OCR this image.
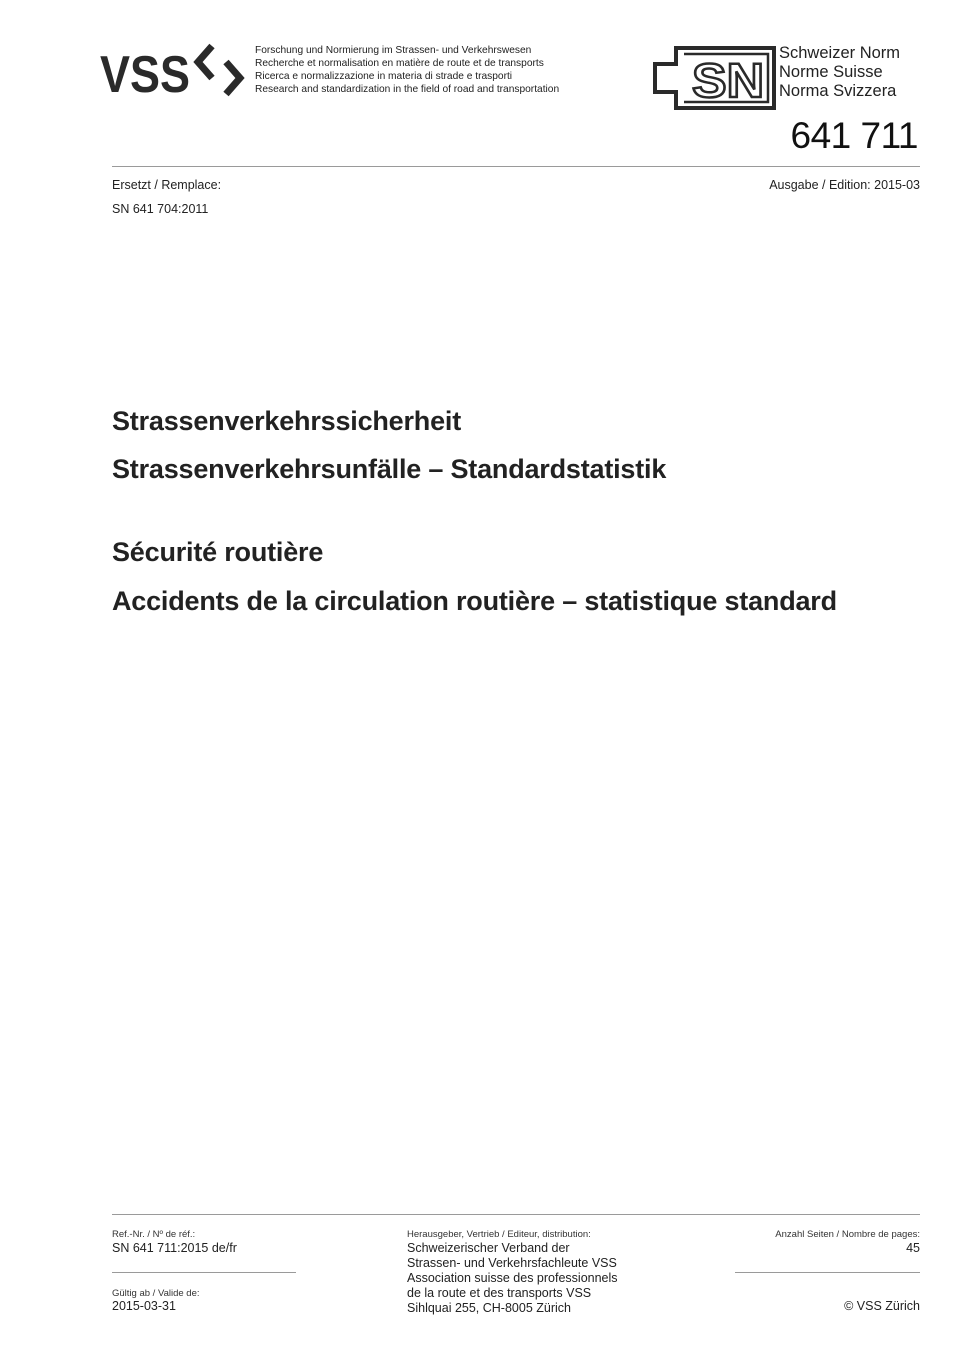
VSS	Forschung und Normierung im Strassen- und Verkehrswesen
Recherche et normalisation en matière de route et de transports
Ricerca e normalizzazione in materia di strade e trasporti
Research and standardization in the field of road and transportation	SN
Schweizer Norm
Norme Suisse
Norma Svizzera
641 711
Ersetzt / Remplace:
SN 641 704:2011
Ausgabe / Edition: 2015-03
Strassenverkehrssicherheit
Strassenverkehrsunfälle – Standardstatistik
Sécurité routière
Accidents de la circulation routière – statistique standard
Ref.-Nr. / Nº de réf.:
SN 641 711:2015 de/fr
Gültig ab / Valide de:
2015-03-31
Herausgeber, Vertrieb / Editeur, distribution:
Schweizerischer Verband der
Strassen- und Verkehrsfachleute VSS
Association suisse des professionnels
de la route et des transports VSS
Sihlquai 255, CH-8005 Zürich
Anzahl Seiten / Nombre de pages:
45
© VSS Zürich
